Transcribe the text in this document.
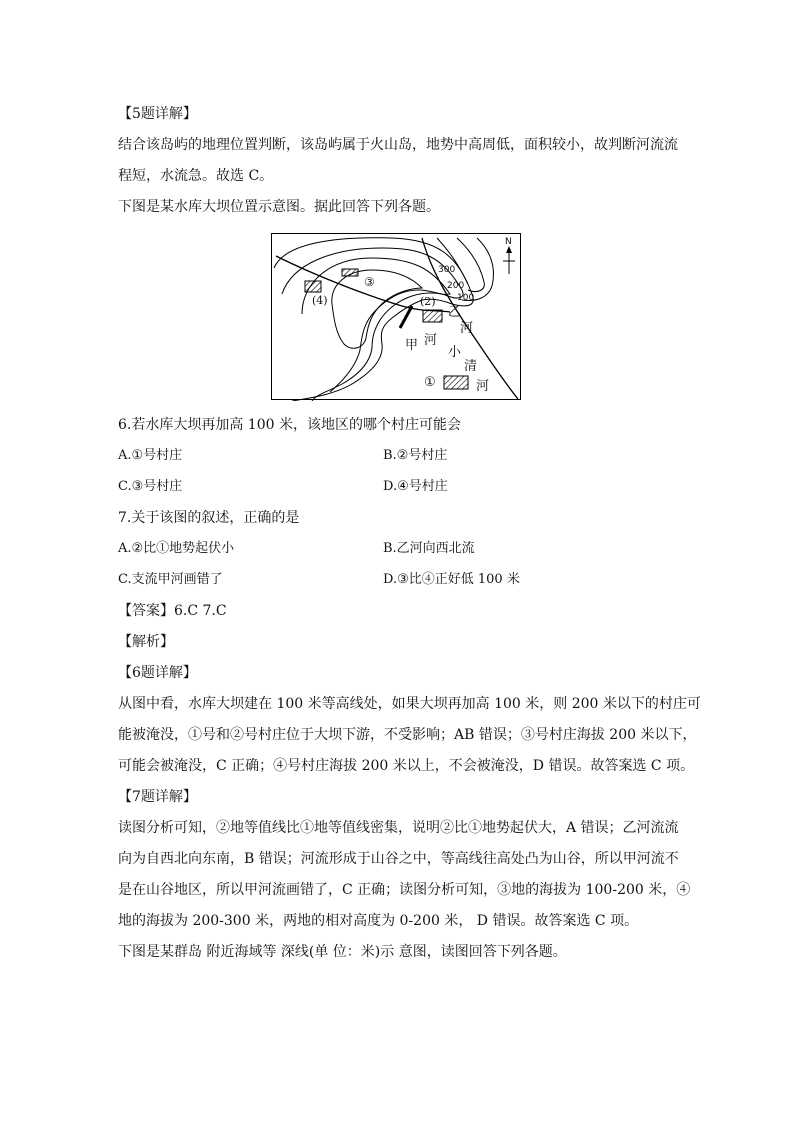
【5题详解】
结合该岛屿的地理位置判断，该岛屿属于火山岛，地势中高周低，面积较小，故判断河流流
程短，水流急。故选 C。
下图是某水库大坝位置示意图。据此回答下列各题。
300
200
100
N
③
(4)	(2)
①
甲 河
乙
河
小
清
河
6.若水库大坝再加高 100 米，该地区的哪个村庄可能会
A.①号村庄	B.②号村庄
C.③号村庄	D.④号村庄
7.关于该图的叙述，正确的是
A.②比①地势起伏小	B.乙河向西北流
C.支流甲河画错了	D.③比④正好低 100 米
【答案】6.C 7.C
【解析】
【6题详解】
从图中看，水库大坝建在 100 米等高线处，如果大坝再加高 100 米，则 200 米以下的村庄可
能被淹没，①号和②号村庄位于大坝下游，不受影响；AB 错误；③号村庄海拔 200 米以下，
可能会被淹没，C 正确；④号村庄海拔 200 米以上，不会被淹没，D 错误。故答案选 C 项。
【7题详解】
读图分析可知，②地等值线比①地等值线密集，说明②比①地势起伏大，A 错误；乙河流流
向为自西北向东南，B 错误；河流形成于山谷之中，等高线往高处凸为山谷，所以甲河流不
是在山谷地区，所以甲河流画错了，C 正确；读图分析可知，③地的海拔为 100-200 米，④
地的海拔为 200-300 米，两地的相对高度为 0-200 米， D 错误。故答案选 C 项。
下图是某群岛 附近海域等 深线(单 位：米)示 意图，读图回答下列各题。
